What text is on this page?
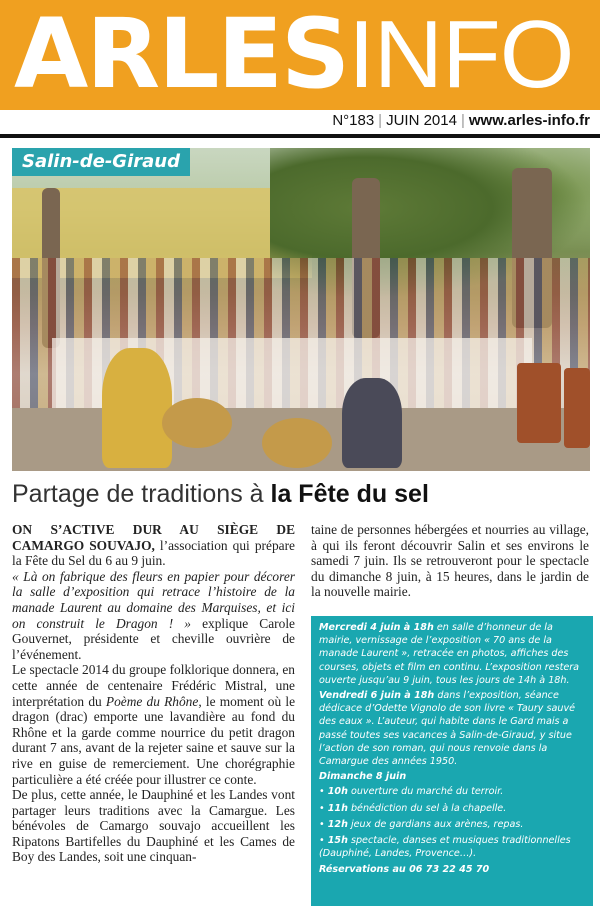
ARLESINFO
N°183 | JUIN 2014 | www.arles-info.fr
Salin-de-Giraud
Partage de traditions à la Fête du sel

ON S’ACTIVE DUR AU SIÈGE DE CAMARGO SOUVAJO, l’association qui prépare la Fête du Sel du 6 au 9 juin.

« Là on fabrique des fleurs en papier pour décorer la salle d’exposition qui retrace l’histoire de la manade Laurent au domaine des Marquises, et ici on construit le Dragon ! » explique Carole Gouvernet, présidente et cheville ouvrière de l’événement.

Le spectacle 2014 du groupe folklorique donnera, en cette année de centenaire Frédéric Mistral, une interprétation du Poème du Rhône, le moment où le dragon (drac) emporte une lavandière au fond du Rhône et la garde comme nourrice du petit dragon durant 7 ans, avant de la rejeter saine et sauve sur la rive en guise de remerciement. Une chorégraphie particulière a été créée pour illustrer ce conte.

De plus, cette année, le Dauphiné et les Landes vont partager leurs traditions avec la Camargue. Les bénévoles de Camargo souvajo accueillent les Ripatons Bartifelles du Dauphiné et les Cames de Boy des Landes, soit une cinquan-

taine de personnes hébergées et nourries au village, à qui ils feront découvrir Salin et ses environs le samedi 7 juin. Ils se retrouveront pour le spectacle du dimanche 8 juin, à 15 heures, dans le jardin de la nouvelle mairie.

Mercredi 4 juin à 18h en salle d’honneur de la mairie, vernissage de l’exposition « 70 ans de la manade Laurent », retracée en photos, affiches des courses, objets et film en continu. L’exposition restera ouverte jusqu’au 9 juin, tous les jours de 14h à 18h.

Vendredi 6 juin à 18h dans l’exposition, séance dédicace d’Odette Vignolo de son livre « Taury sauvé des eaux ». L’auteur, qui habite dans le Gard mais a passé toutes ses vacances à Salin-de-Giraud, y situe l’action de son roman, qui nous renvoie dans la Camargue des années 1950.

Dimanche 8 juin

• 10h ouverture du marché du terroir.
• 11h bénédiction du sel à la chapelle.
• 12h jeux de gardians aux arènes, repas.
• 15h spectacle, danses et musiques traditionnelles (Dauphiné, Landes, Provence…).

Réservations au 06 73 22 45 70
